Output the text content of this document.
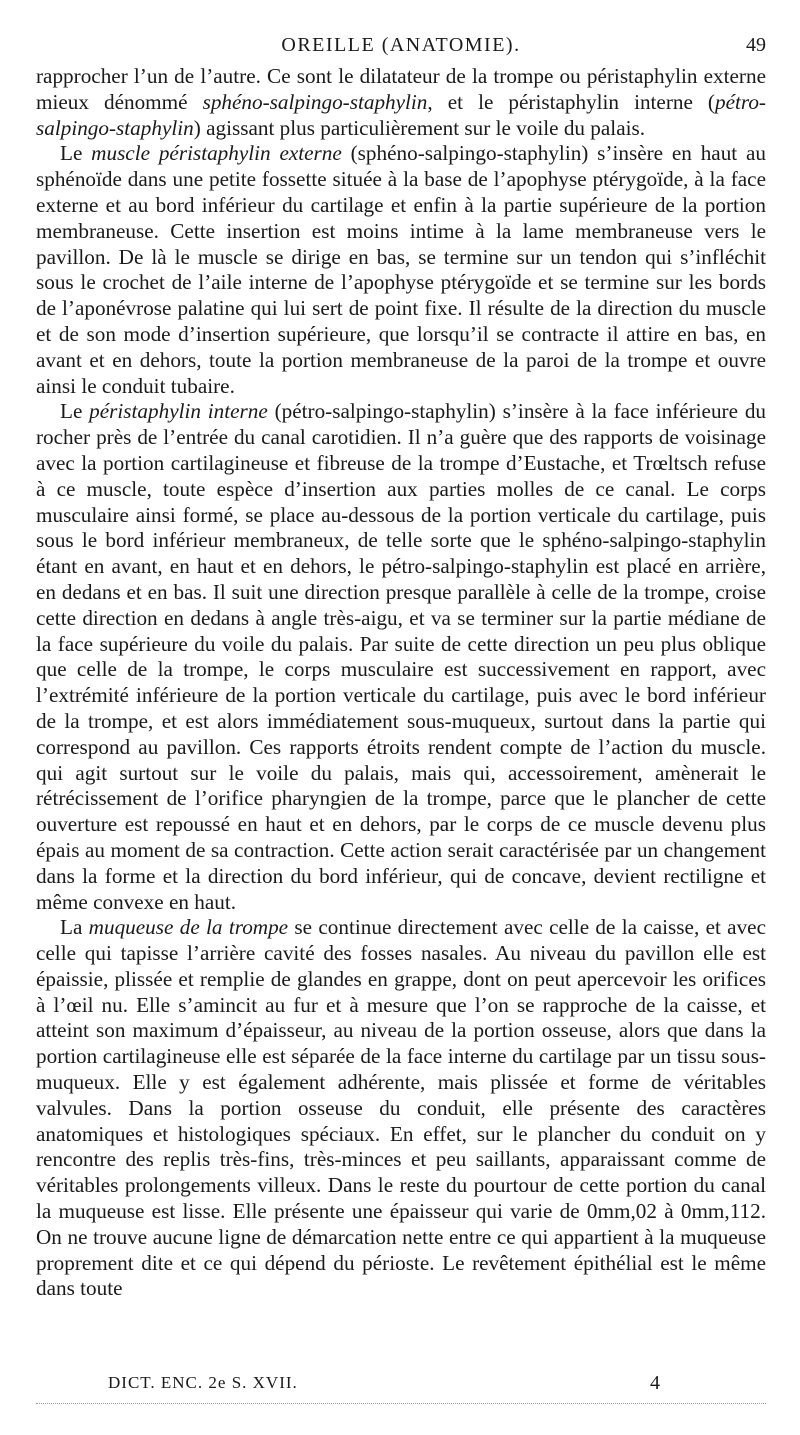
OREILLE (ANATOMIE).	49

rapprocher l’un de l’autre. Ce sont le dilatateur de la trompe ou péristaphylin externe mieux dénommé sphéno-salpingo-staphylin, et le péristaphylin interne (pétro-salpingo-staphylin) agissant plus particulièrement sur le voile du palais.

Le muscle péristaphylin externe (sphéno-salpingo-staphylin) s’insère en haut au sphénoïde dans une petite fossette située à la base de l’apophyse ptérygoïde, à la face externe et au bord inférieur du cartilage et enfin à la partie supérieure de la portion membraneuse. Cette insertion est moins intime à la lame membraneuse vers le pavillon. De là le muscle se dirige en bas, se termine sur un tendon qui s’infléchit sous le crochet de l’aile interne de l’apophyse ptérygoïde et se termine sur les bords de l’aponévrose palatine qui lui sert de point fixe. Il résulte de la direction du muscle et de son mode d’insertion supérieure, que lorsqu’il se contracte il attire en bas, en avant et en dehors, toute la portion membraneuse de la paroi de la trompe et ouvre ainsi le conduit tubaire.

Le péristaphylin interne (pétro-salpingo-staphylin) s’insère à la face inférieure du rocher près de l’entrée du canal carotidien. Il n’a guère que des rapports de voisinage avec la portion cartilagineuse et fibreuse de la trompe d’Eustache, et Trœltsch refuse à ce muscle, toute espèce d’insertion aux parties molles de ce canal. Le corps musculaire ainsi formé, se place au-dessous de la portion verticale du cartilage, puis sous le bord inférieur membraneux, de telle sorte que le sphéno-salpingo-staphylin étant en avant, en haut et en dehors, le pétro-salpingo-staphylin est placé en arrière, en dedans et en bas. Il suit une direction presque parallèle à celle de la trompe, croise cette direction en dedans à angle très-aigu, et va se terminer sur la partie médiane de la face supérieure du voile du palais. Par suite de cette direction un peu plus oblique que celle de la trompe, le corps musculaire est successivement en rapport, avec l’extrémité inférieure de la portion verticale du cartilage, puis avec le bord inférieur de la trompe, et est alors immédiatement sous-muqueux, surtout dans la partie qui correspond au pavillon. Ces rapports étroits rendent compte de l’action du muscle. qui agit surtout sur le voile du palais, mais qui, accessoirement, amènerait le rétrécissement de l’orifice pharyngien de la trompe, parce que le plancher de cette ouverture est repoussé en haut et en dehors, par le corps de ce muscle devenu plus épais au moment de sa contraction. Cette action serait caractérisée par un changement dans la forme et la direction du bord inférieur, qui de concave, devient rectiligne et même convexe en haut.

La muqueuse de la trompe se continue directement avec celle de la caisse, et avec celle qui tapisse l’arrière cavité des fosses nasales. Au niveau du pavillon elle est épaissie, plissée et remplie de glandes en grappe, dont on peut apercevoir les orifices à l’œil nu. Elle s’amincit au fur et à mesure que l’on se rapproche de la caisse, et atteint son maximum d’épaisseur, au niveau de la portion osseuse, alors que dans la portion cartilagineuse elle est séparée de la face interne du cartilage par un tissu sous-muqueux. Elle y est également adhérente, mais plissée et forme de véritables valvules. Dans la portion osseuse du conduit, elle présente des caractères anatomiques et histologiques spéciaux. En effet, sur le plancher du conduit on y rencontre des replis très-fins, très-minces et peu saillants, apparaissant comme de véritables prolongements villeux. Dans le reste du pourtour de cette portion du canal la muqueuse est lisse. Elle présente une épaisseur qui varie de 0mm,02 à 0mm,112. On ne trouve aucune ligne de démarcation nette entre ce qui appartient à la muqueuse proprement dite et ce qui dépend du périoste. Le revêtement épithélial est le même dans toute

DICT. ENC. 2e S. XVII.	4
